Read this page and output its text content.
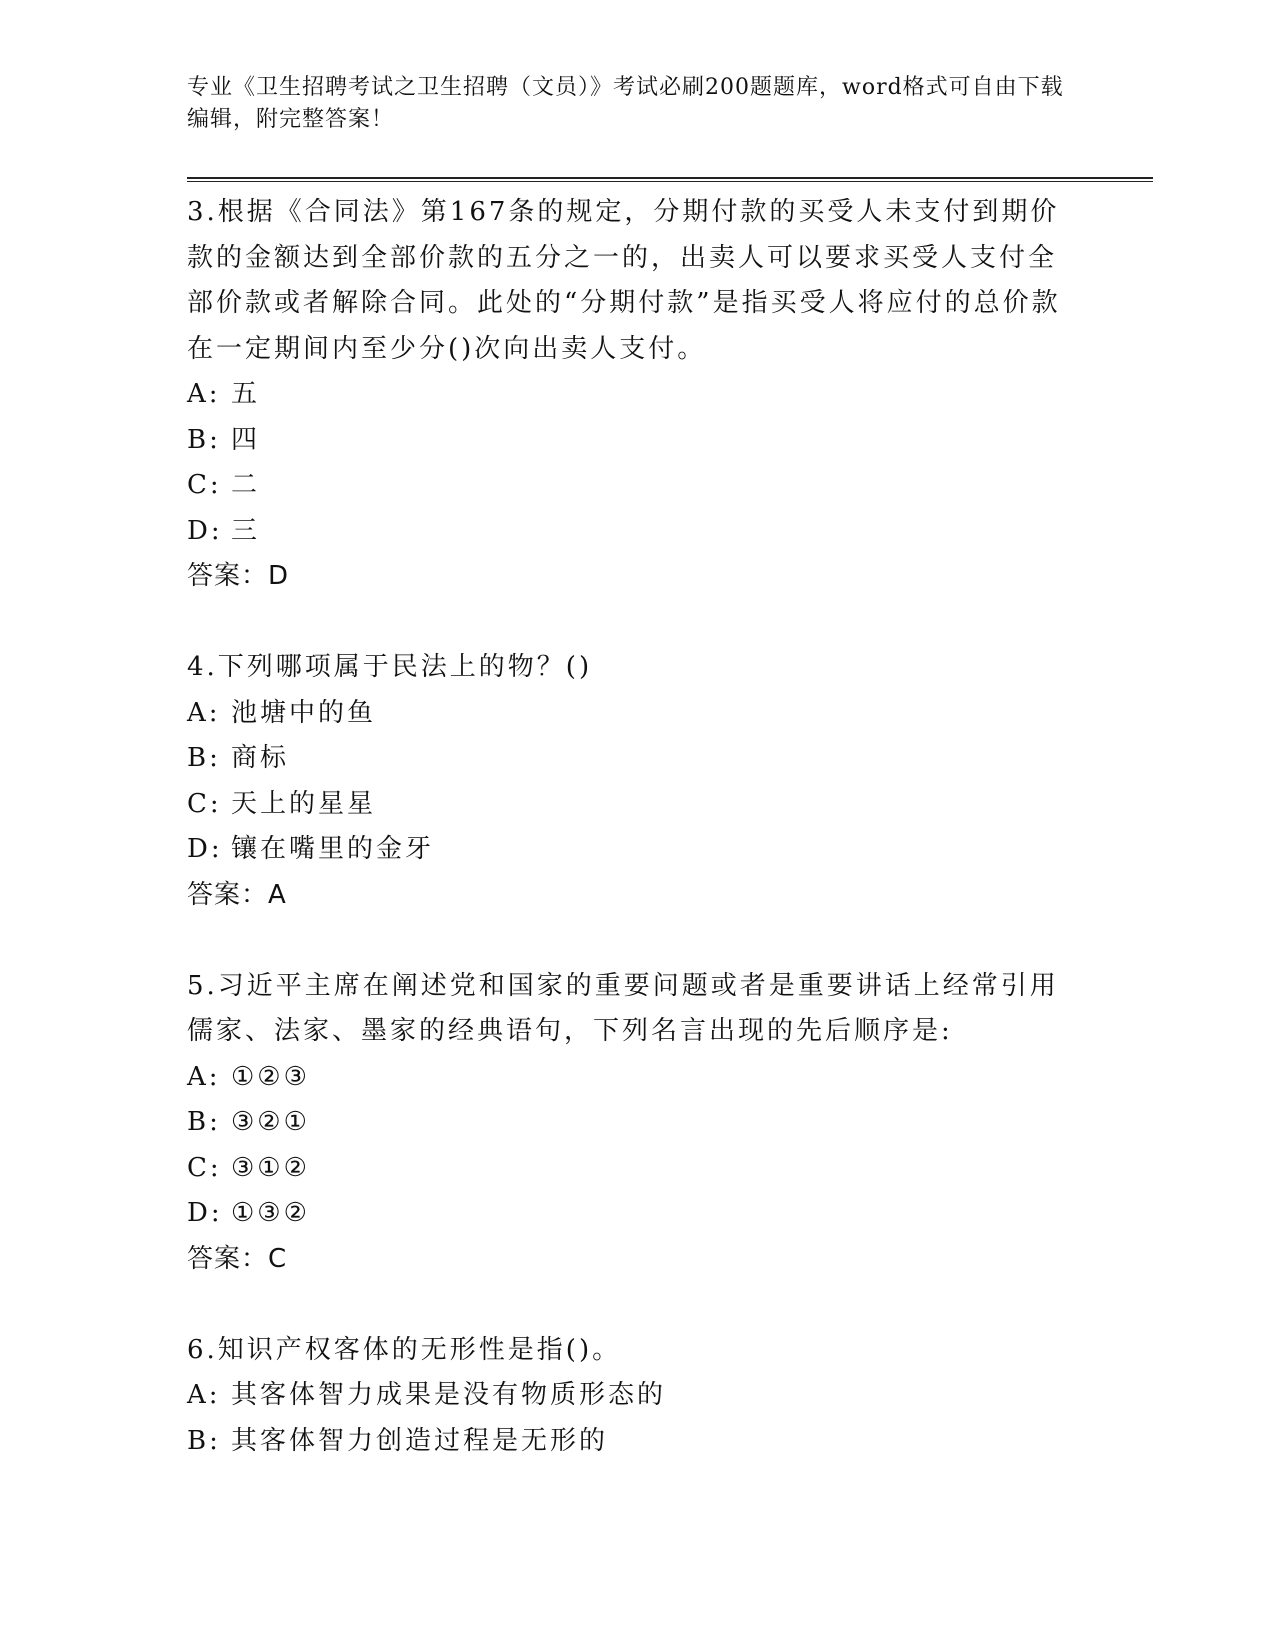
专业《卫生招聘考试之卫生招聘（文员）》考试必刷200题题库，word格式可自由下载编辑，附完整答案！

3.根据《合同法》第167条的规定，分期付款的买受人未支付到期价款的金额达到全部价款的五分之一的，出卖人可以要求买受人支付全部价款或者解除合同。此处的“分期付款”是指买受人将应付的总价款在一定期间内至少分()次向出卖人支付。

A: 五

B: 四

C: 二

D: 三

答案：D

4.下列哪项属于民法上的物？()

A: 池塘中的鱼

B: 商标

C: 天上的星星

D: 镶在嘴里的金牙

答案：A

5.习近平主席在阐述党和国家的重要问题或者是重要讲话上经常引用儒家、法家、墨家的经典语句，下列名言出现的先后顺序是:

A: ①②③

B: ③②①

C: ③①②

D: ①③②

答案：C

6.知识产权客体的无形性是指()。

A: 其客体智力成果是没有物质形态的

B: 其客体智力创造过程是无形的
